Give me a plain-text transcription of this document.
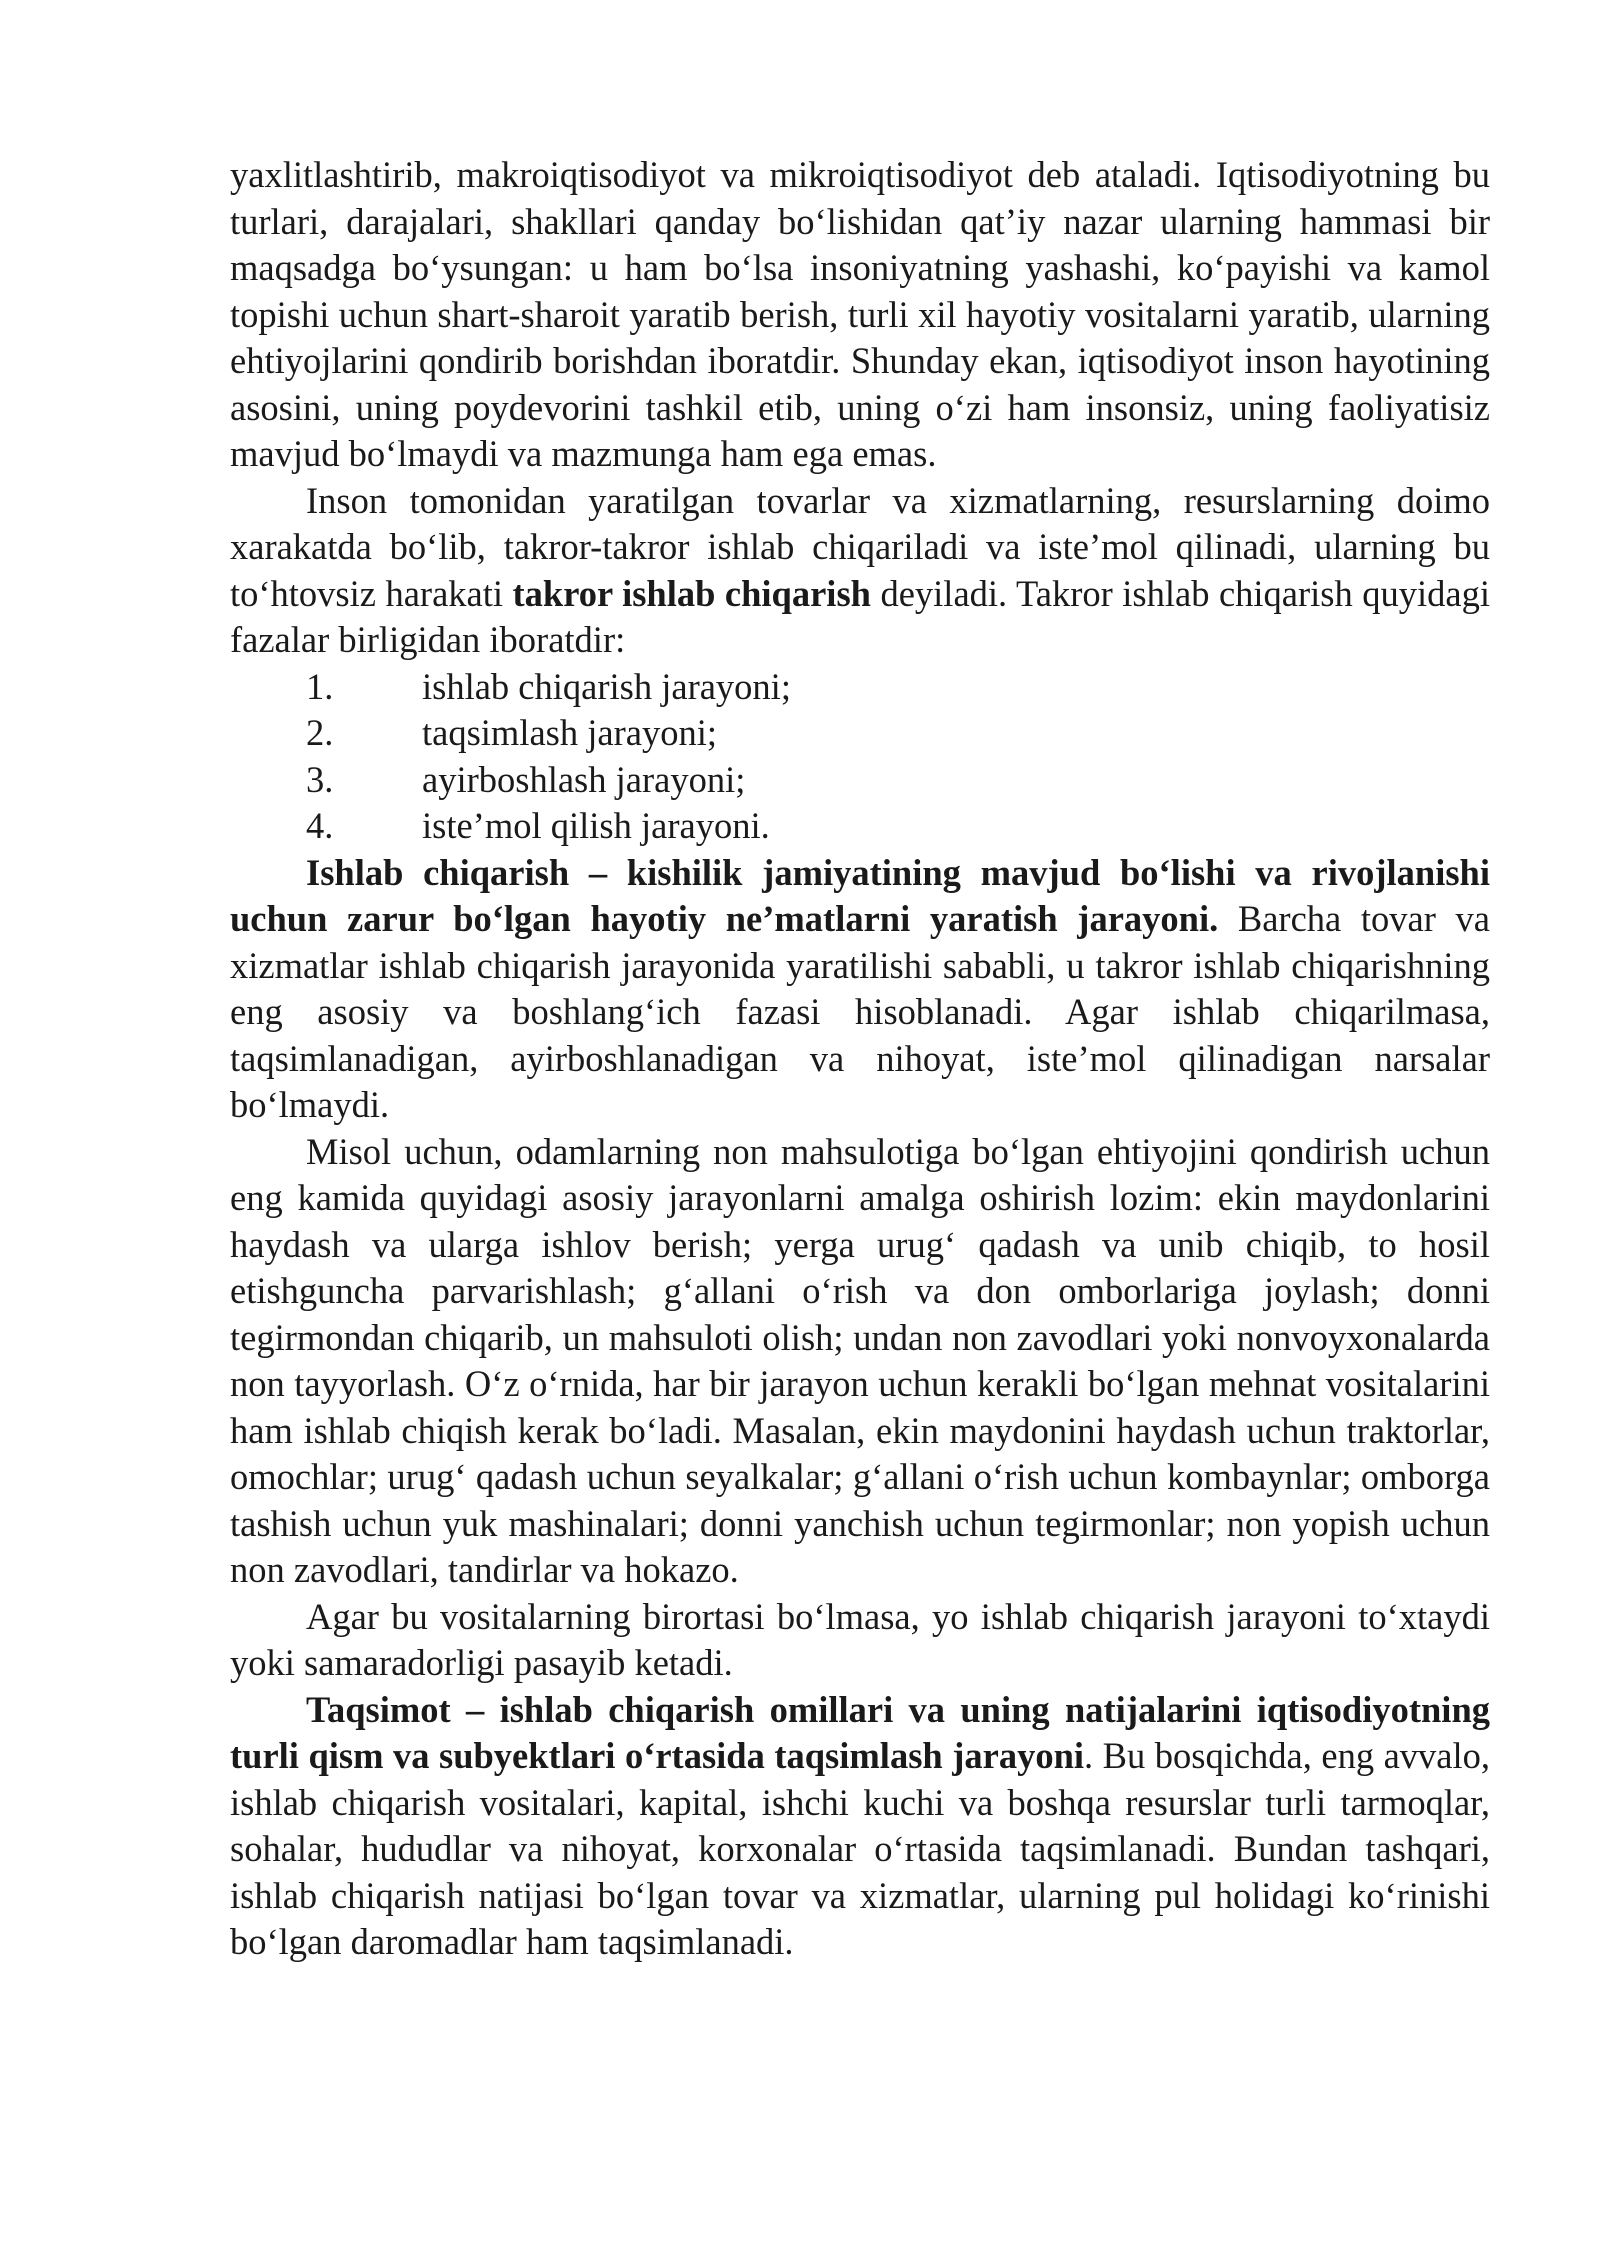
yaxlitlashtirib, makroiqtisodiyot va mikroiqtisodiyot deb ataladi. Iqtisodiyotning bu turlari, darajalari, shakllari qanday boʻlishidan qatʼiy nazar ularning hammasi bir maqsadga boʻysungan: u ham boʻlsa insoniyatning yashashi, koʻpayishi va kamol topishi uchun shart-sharoit yaratib berish, turli xil hayotiy vositalarni yaratib, ularning ehtiyojlarini qondirib borishdan iboratdir. Shunday ekan, iqtisodiyot inson hayotining asosini, uning poydevorini tashkil etib, uning oʻzi ham insonsiz, uning faoliyatisiz mavjud boʻlmaydi va mazmunga ham ega emas.

Inson tomonidan yaratilgan tovarlar va xizmatlarning, resurslarning doimo xarakatda boʻlib, takror-takror ishlab chiqariladi va isteʼmol qilinadi, ularning bu toʻhtovsiz harakati takror ishlab chiqarish deyiladi. Takror ishlab chiqarish quyidagi fazalar birligidan iboratdir:

1.	ishlab chiqarish jarayoni;
2.	taqsimlash jarayoni;
3.	ayirboshlash jarayoni;
4.	isteʼmol qilish jarayoni.

Ishlab chiqarish – kishilik jamiyatining mavjud boʻlishi va rivojlanishi uchun zarur boʻlgan hayotiy neʼmatlarni yaratish jarayoni. Barcha tovar va xizmatlar ishlab chiqarish jarayonida yaratilishi sababli, u takror ishlab chiqarishning eng asosiy va boshlangʻich fazasi hisoblanadi. Agar ishlab chiqarilmasa, taqsimlanadigan, ayirboshlanadigan va nihoyat, isteʼmol qilinadigan narsalar boʻlmaydi.

Misol uchun, odamlarning non mahsulotiga boʻlgan ehtiyojini qondirish uchun eng kamida quyidagi asosiy jarayonlarni amalga oshirish lozim: ekin maydonlarini haydash va ularga ishlov berish; yerga urugʻ qadash va unib chiqib, to hosil etishguncha parvarishlash; gʻallani oʻrish va don omborlariga joylash; donni tegirmondan chiqarib, un mahsuloti olish; undan non zavodlari yoki nonvoyxonalarda non tayyorlash. Oʻz oʻrnida, har bir jarayon uchun kerakli boʻlgan mehnat vositalarini ham ishlab chiqish kerak boʻladi. Masalan, ekin maydonini haydash uchun traktorlar, omochlar; urugʻ qadash uchun seyalkalar; gʻallani oʻrish uchun kombaynlar; omborga tashish uchun yuk mashinalari; donni yanchish uchun tegirmonlar; non yopish uchun non zavodlari, tandirlar va hokazo.

Agar bu vositalarning birortasi boʻlmasa, yo ishlab chiqarish jarayoni toʻxtaydi yoki samaradorligi pasayib ketadi.

Taqsimot – ishlab chiqarish omillari va uning natijalarini iqtisodiyotning turli qism va subyektlari oʻrtasida taqsimlash jarayoni. Bu bosqichda, eng avvalo, ishlab chiqarish vositalari, kapital, ishchi kuchi va boshqa resurslar turli tarmoqlar, sohalar, hududlar va nihoyat, korxonalar oʻrtasida taqsimlanadi. Bundan tashqari, ishlab chiqarish natijasi boʻlgan tovar va xizmatlar, ularning pul holidagi koʻrinishi boʻlgan daromadlar ham taqsimlanadi.
